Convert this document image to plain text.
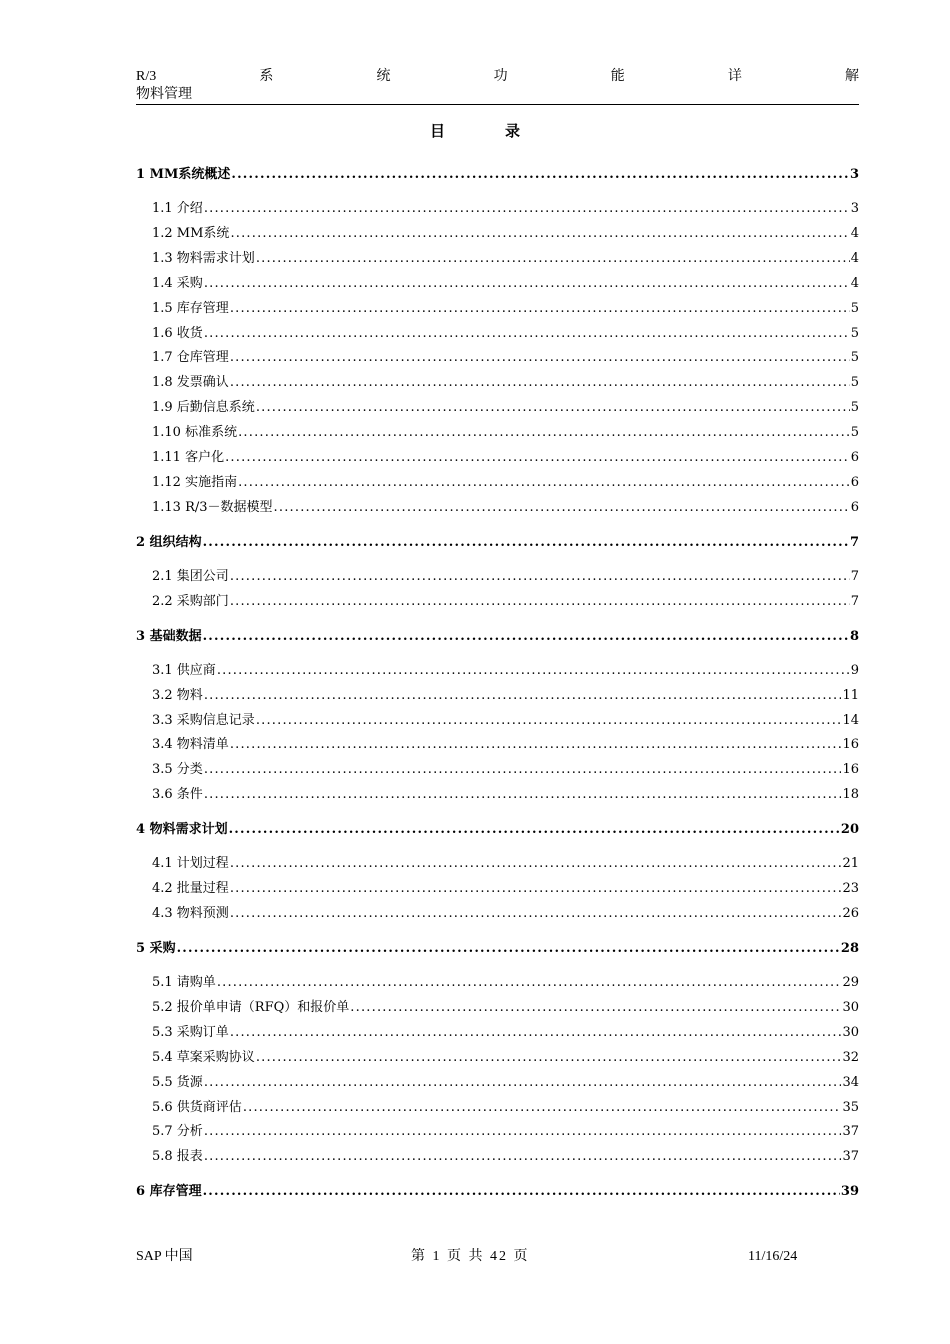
R/3	系	统	功	能	详	解
物料管理
目录
1 MM系统概述 .....	3
1.1 介绍 .....	3
1.2 MM系统 .....	4
1.3 物料需求计划 .....	4
1.4 采购 .....	4
1.5 库存管理 .....	5
1.6 收货 .....	5
1.7 仓库管理 .....	5
1.8 发票确认 .....	5
1.9 后勤信息系统 .....	5
1.10 标准系统 .....	5
1.11 客户化 .....	6
1.12 实施指南 .....	6
1.13 R/3－数据模型 .....	6
2 组织结构 .....	7
2.1 集团公司 .....	7
2.2 采购部门 .....	7
3 基础数据 .....	8
3.1 供应商 .....	9
3.2 物料 .....	11
3.3 采购信息记录 .....	14
3.4 物料清单 .....	16
3.5 分类 .....	16
3.6 条件 .....	18
4 物料需求计划 .....	20
4.1 计划过程 .....	21
4.2 批量过程 .....	23
4.3 物料预测 .....	26
5 采购 .....	28
5.1 请购单 .....	29
5.2 报价单申请（RFQ）和报价单 .....	30
5.3 采购订单 .....	30
5.4 草案采购协议 .....	32
5.5 货源 .....	34
5.6 供货商评估 .....	35
5.7 分析 .....	37
5.8 报表 .....	37
6 库存管理 .....	39
SAP 中国	第 1 页 共 42 页	11/16/24
